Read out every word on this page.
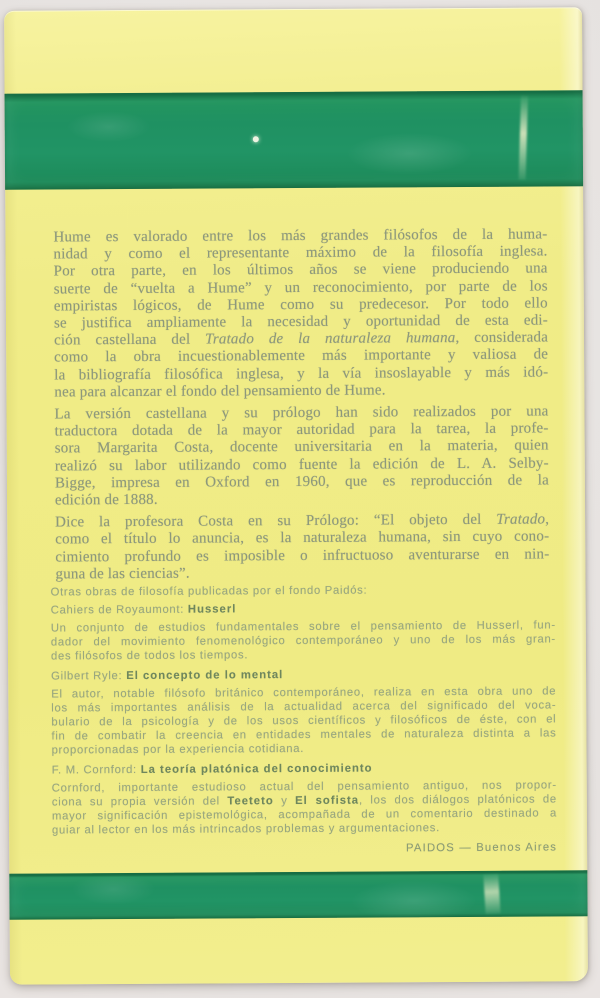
Hume es valorado entre los más grandes filósofos de la huma-
nidad y como el representante máximo de la filosofía inglesa.
Por otra parte, en los últimos años se viene produciendo una
suerte de “vuelta a Hume” y un reconocimiento, por parte de los
empiristas lógicos, de Hume como su predecesor. Por todo ello
se justifica ampliamente la necesidad y oportunidad de esta edi-
ción castellana del Tratado de la naturaleza humana, considerada
como la obra incuestionablemente más importante y valiosa de
la bibliografía filosófica inglesa, y la vía insoslayable y más idó-
nea para alcanzar el fondo del pensamiento de Hume.
La versión castellana y su prólogo han sido realizados por una
traductora dotada de la mayor autoridad para la tarea, la profe-
sora Margarita Costa, docente universitaria en la materia, quien
realizó su labor utilizando como fuente la edición de L. A. Selby-
Bigge, impresa en Oxford en 1960, que es reproducción de la
edición de 1888.
Dice la profesora Costa en su Prólogo: “El objeto del Tratado,
como el título lo anuncia, es la naturaleza humana, sin cuyo cono-
cimiento profundo es imposible o infructuoso aventurarse en nin-
guna de las ciencias”.
Otras obras de filosofía publicadas por el fondo Paidós:
Cahiers de Royaumont: Husserl
Un conjunto de estudios fundamentales sobre el pensamiento de Husserl, fun-
dador del movimiento fenomenológico contemporáneo y uno de los más gran-
des filósofos de todos los tiempos.
Gilbert Ryle: El concepto de lo mental
El autor, notable filósofo británico contemporáneo, realiza en esta obra uno de
los más importantes análisis de la actualidad acerca del significado del voca-
bulario de la psicología y de los usos científicos y filosóficos de éste, con el
fin de combatir la creencia en entidades mentales de naturaleza distinta a las
proporcionadas por la experiencia cotidiana.
F. M. Cornford: La teoría platónica del conocimiento
Cornford, importante estudioso actual del pensamiento antiguo, nos propor-
ciona su propia versión del Teeteto y El sofista, los dos diálogos platónicos de
mayor significación epistemológica, acompañada de un comentario destinado a
guiar al lector en los más intrincados problemas y argumentaciones.
PAIDOS — Buenos Aires
